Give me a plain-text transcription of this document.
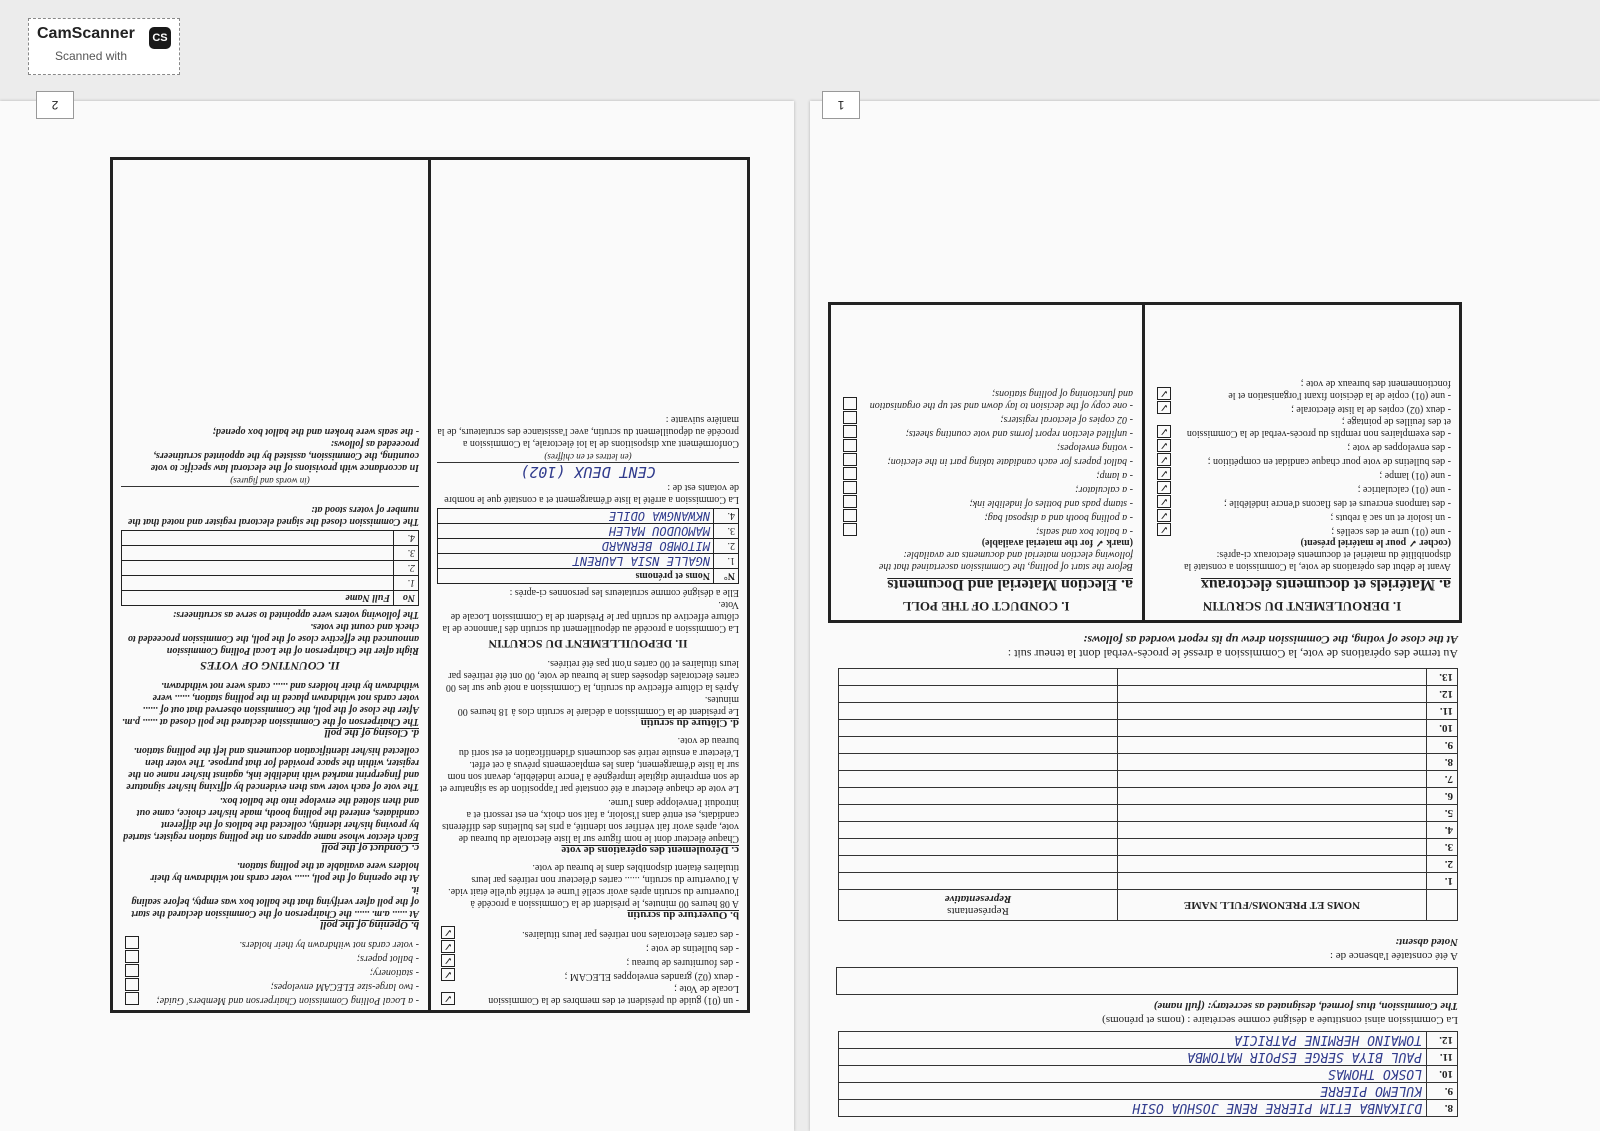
1
8.	DJIKANBA ETIM PIERRE RENE JOSHUA OSIH
9.	KULEMO PIERRE
10.	LOSKO THOMAS
11.	PAUL BIYA SERGE ESPOIR MATOMBA
12.	TOMAINO HERMINE PATRICIA
La Commission ainsi constituée a désigné comme secrétaire : (noms et prénoms)
The Commission, thus formed, designated as secretary: (full name)
A été constatée l'absence de :
Noted absent:
	NOMS ET PRENOMS/FULL NAME	Représentants
Representative

1.		
2.		
3.		
4.		
5.		
6.		
7.		
8.		
9.		
10.		
11.		
12.		
13.		
Au terme des opérations de vote, la Commission a dressé le procès-verbal dont la teneur suit :
At the close of voting, the Commission drew up its report worded as follows:
I. DEROULEMENT DU SCRUTIN
a. Matériels et documents électoraux
Avant le début des opérations de vote, la Commission a constaté la disponibilité du matériel et documents électoraux ci-après:
(cocher ✓ pour le matériel présent)
- une (01) urne et des scellés ;
✓
- un isoloir et un sac à rebuts ;
✓
- des tampons encreurs et des flacons d'encre indélébile ;
✓
- une (01) calculatrice ;
✓
- une (01) lampe ;
✓
- des bulletins de vote pour chaque candidat en compétition ;
✓
- des enveloppes de vote ;
✓
- des exemplaires non remplis du procès-verbal de la Commission et des feuilles de pointage ;
✓
- deux (02) copies de la liste électorale ;
✓
- une (01) copie de la décision fixant l'organisation et le fonctionnement des bureaux de vote ;
✓
I. CONDUCT OF THE POLL
a. Election Material and Documents
Before the start of polling, the Commission ascertained that the following election material and documents are available:
(mark ✓ for the material available)
- a ballot box and seals;
- a polling booth and a disposal bag;
- stamp pads and bottles of indelible ink;
- a calculator;
- a lamp;
- ballot papers for each candidate taking part in the election;
- voting envelopes;
- unfilled election report forms and vote counting sheets;
- 02 copies of electoral registers;
- one copy of the decision to lay down and set up the organisation and functioning of polling stations;
2
- un (01) guide du président et des membres de la Commission Locale de Vote ;
✓
- deux (02) grandes enveloppes ELECAM ;
✓
- des fournitures de bureau ;
✓
- des bulletins de vote ;
✓
- des cartes électorales non retirées par leurs titulaires.
✓
b. Ouverture du scrutin
A 08 heures 00 minutes, le président de la Commission a procédé à l'ouverture du scrutin après avoir scellé l'urne et vérifié qu'elle était vide.
A l'ouverture du scrutin, ...... cartes d'électeur non retirées par leurs titulaires étaient disponibles dans le bureau de vote.
c. Déroulement des opérations de vote
Chaque électeur dont le nom figure sur la liste électorale du bureau de vote, après avoir fait vérifier son identité, a pris les bulletins des différents candidats, est entré dans l'isoloir, a fait son choix, en est ressorti et a introduit l'enveloppe dans l'urne.
Le vote de chaque électeur a été constaté par l'apposition de sa signature et de son empreinte digitale imprégnée à l'encre indélébile, devant son nom sur la liste d'émargement, dans les emplacements prévus à cet effet. L'électeur a ensuite retiré ses documents d'identification et est sorti du bureau de vote.
d. Clôture du scrutin
Le président de la Commission a déclaré le scrutin clos à 18 heures 00 minutes.
Après la clôture effective du scrutin, la Commission a noté que sur les 00 cartes électorales déposées dans le bureau de vote, 00 ont été retirées par leurs titulaires et 00 cartes n'ont pas été retirées.
II. DEPOUILLEMENT DU SCRUTIN
La Commission a procédé au dépouillement du scrutin dès l'annonce de la clôture effective du scrutin par le Président de la Commission Locale de Vote.
Elle a désigné comme scrutateurs les personnes ci-après :
N°	Noms et prénoms
1.	NGALLE NSIA LAURENT
2.	MITOMBO BERNARD
3.	MAMOUDOU MALEH
4.	NKWANGWA ODILE
La Commission a arrêté la liste d'émargement et a constaté que le nombre de votants est de :
CENT DEUX (102)
(en lettres et en chiffres)
Conformément aux dispositions de la loi électorale, la Commission a procédé au dépouillement du scrutin, avec l'assistance des scrutateurs, de la manière suivante :
- a Local Polling Commission Chairperson and Members' Guide;
- two large-size ELECAM envelopes;
- stationery;
- ballot papers;
- voter cards not withdrawn by their holders.
b. Opening of the poll
At ...... a.m. ...... the Chairperson of the Commission declared the start of the poll after verifying that the ballot box was empty, before sealing it.
At the opening of the poll, ...... voter cards not withdrawn by their holders were available at the polling station.
c. Conduct of the poll
Each elector whose name appears on the polling station register, started by proving his/her identity, collected the ballots of the different candidates, entered the polling booth, made his/her choice, came out and then slotted the envelope into the ballot box.
The vote of each voter was then evidenced by affixing his/her signature and fingerprint marked with indelible ink, against his/her name on the register, within the space provided for that purpose. The voter then collected his/her identification documents and left the polling station.
d. Closing of the poll
The Chairperson of the Commission declared the poll closed at ...... p.m.
After the close of the poll, the Commission observed that out of ...... voter cards not withdrawn placed in the polling station, ...... were withdrawn by their holders and ...... cards were not withdrawn.
II. COUNTING OF VOTES
Right after the Chairperson of the Local Polling Commission announced the effective close of the poll, the Commission proceeded to check and count the votes.
The following voters were appointed to serve as scrutineers:
No	Full Name
1.	
2.	
3.	
4.	
The Commission closed the signed electoral register and noted that the number of voters stood at:
(in words and figures)
In accordance with provisions of the electoral law specific to vote counting, the Commission, assisted by the appointed scrutineers, proceeded as follows:
- the seals were broken and the ballot box opened;
CamScanner
Scanned with
CS
